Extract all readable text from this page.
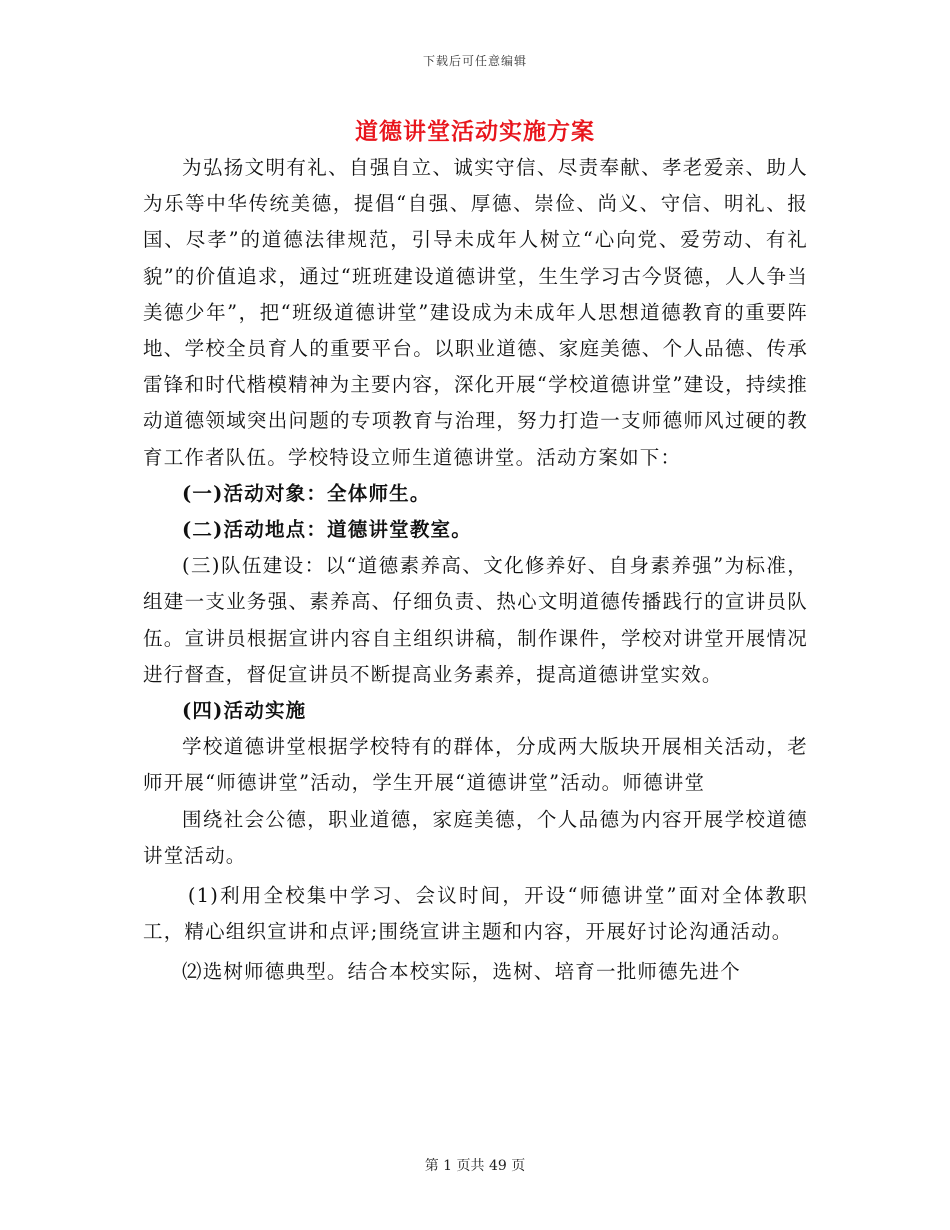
下载后可任意编辑
道德讲堂活动实施方案

为弘扬文明有礼、自强自立、诚实守信、尽责奉献、孝老爱亲、助人为乐等中华传统美德，提倡“自强、厚德、崇俭、尚义、守信、明礼、报国、尽孝”的道德法律规范，引导未成年人树立“心向党、爱劳动、有礼貌”的价值追求，通过“班班建设道德讲堂，生生学习古今贤德，人人争当美德少年”，把“班级道德讲堂”建设成为未成年人思想道德教育的重要阵地、学校全员育人的重要平台。以职业道德、家庭美德、个人品德、传承雷锋和时代楷模精神为主要内容，深化开展“学校道德讲堂”建设，持续推动道德领域突出问题的专项教育与治理，努力打造一支师德师风过硬的教育工作者队伍。学校特设立师生道德讲堂。活动方案如下：

(一)活动对象：全体师生。

(二)活动地点：道德讲堂教室。

(三)队伍建设：以“道德素养高、文化修养好、自身素养强”为标准，组建一支业务强、素养高、仔细负责、热心文明道德传播践行的宣讲员队伍。宣讲员根据宣讲内容自主组织讲稿，制作课件，学校对讲堂开展情况进行督查，督促宣讲员不断提高业务素养，提高道德讲堂实效。

(四)活动实施

学校道德讲堂根据学校特有的群体，分成两大版块开展相关活动，老师开展“师德讲堂”活动，学生开展“道德讲堂”活动。师德讲堂

围绕社会公德，职业道德，家庭美德，个人品德为内容开展学校道德讲堂活动。

(1)利用全校集中学习、会议时间，开设“师德讲堂”面对全体教职工，精心组织宣讲和点评;围绕宣讲主题和内容，开展好讨论沟通活动。

⑵选树师德典型。结合本校实际，选树、培育一批师德先进个

第 1 页共 49 页
